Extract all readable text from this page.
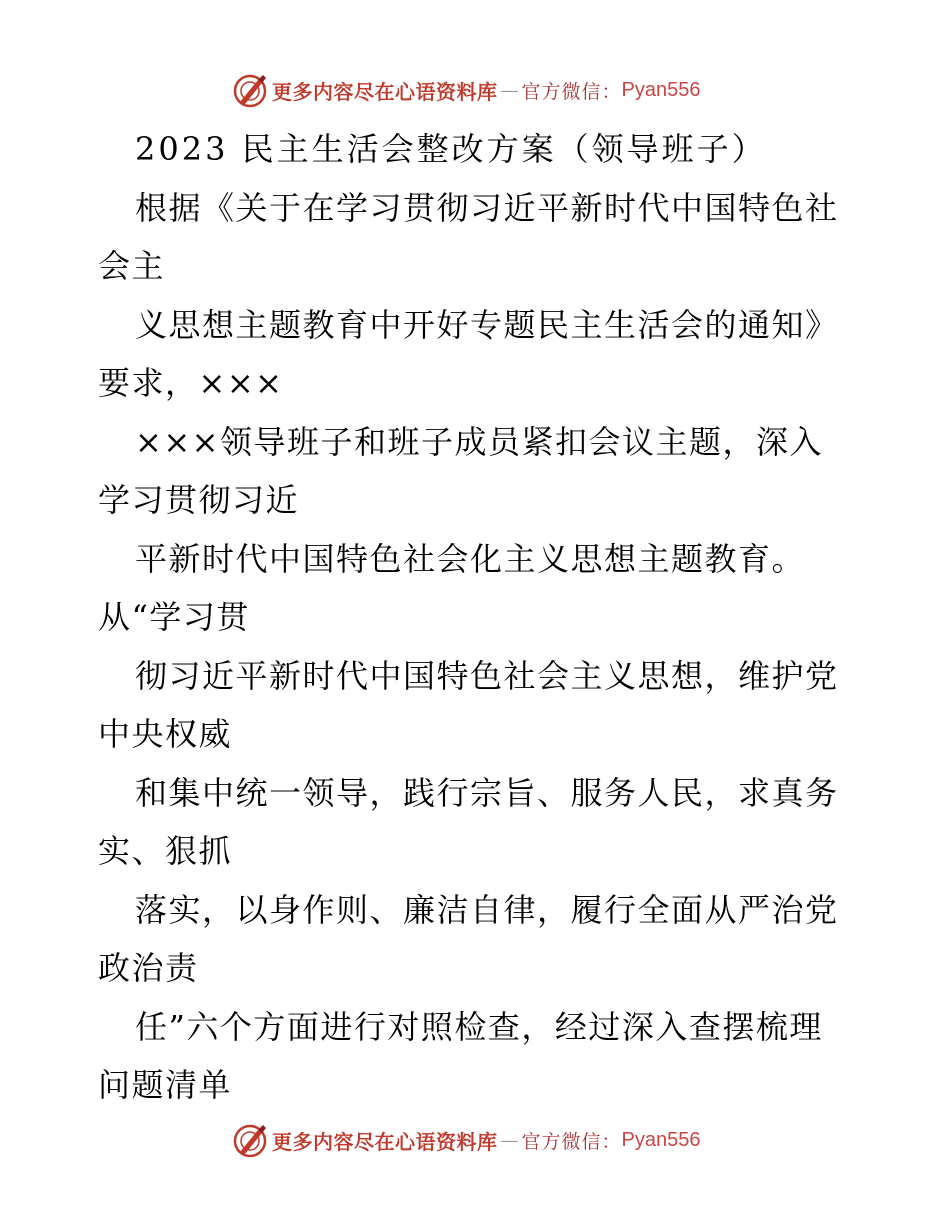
更多内容尽在心语资料库 — 官方微信： Pyan556
2023 民主生活会整改方案（领导班子）
根据《关于在学习贯彻习近平新时代中国特色社
会主
义思想主题教育中开好专题民主生活会的通知》
要求，×××
×××领导班子和班子成员紧扣会议主题，深入
学习贯彻习近
平新时代中国特色社会化主义思想主题教育。
从“学习贯
彻习近平新时代中国特色社会主义思想，维护党
中央权威
和集中统一领导，践行宗旨、服务人民，求真务
实、狠抓
落实，以身作则、廉洁自律，履行全面从严治党
政治责
任”六个方面进行对照检查，经过深入查摆梳理
问题清单
更多内容尽在心语资料库 — 官方微信： Pyan556
